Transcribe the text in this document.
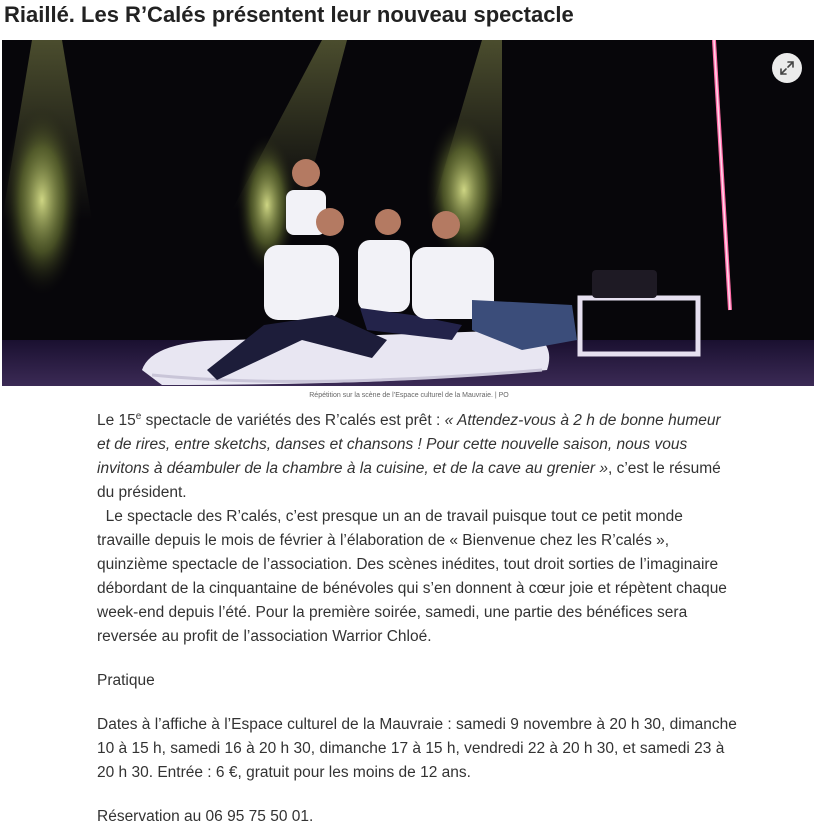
Riaillé. Les R’Calés présentent leur nouveau spectacle
Répétition sur la scène de l’Espace culturel de la Mauvraie. | PO

Le 15e spectacle de variétés des R’calés est prêt : « Attendez-vous à 2 h de bonne humeur et de rires, entre sketchs, danses et chansons ! Pour cette nouvelle saison, nous vous invitons à déambuler de la chambre à la cuisine, et de la cave au grenier », c’est le résumé du président.

Le spectacle des R’calés, c’est presque un an de travail puisque tout ce petit monde travaille depuis le mois de février à l’élaboration de « Bienvenue chez les R’calés », quinzième spectacle de l’association. Des scènes inédites, tout droit sorties de l’imaginaire débordant de la cinquantaine de bénévoles qui s’en donnent à cœur joie et répètent chaque week-end depuis l’été. Pour la première soirée, samedi, une partie des bénéfices sera reversée au profit de l’association Warrior Chloé.

Pratique

Dates à l’affiche à l’Espace culturel de la Mauvraie : samedi 9 novembre à 20 h 30, dimanche 10 à 15 h, samedi 16 à 20 h 30, dimanche 17 à 15 h, vendredi 22 à 20 h 30, et samedi 23 à 20 h 30. Entrée : 6 €, gratuit pour les moins de 12 ans.

Réservation au 06 95 75 50 01.
